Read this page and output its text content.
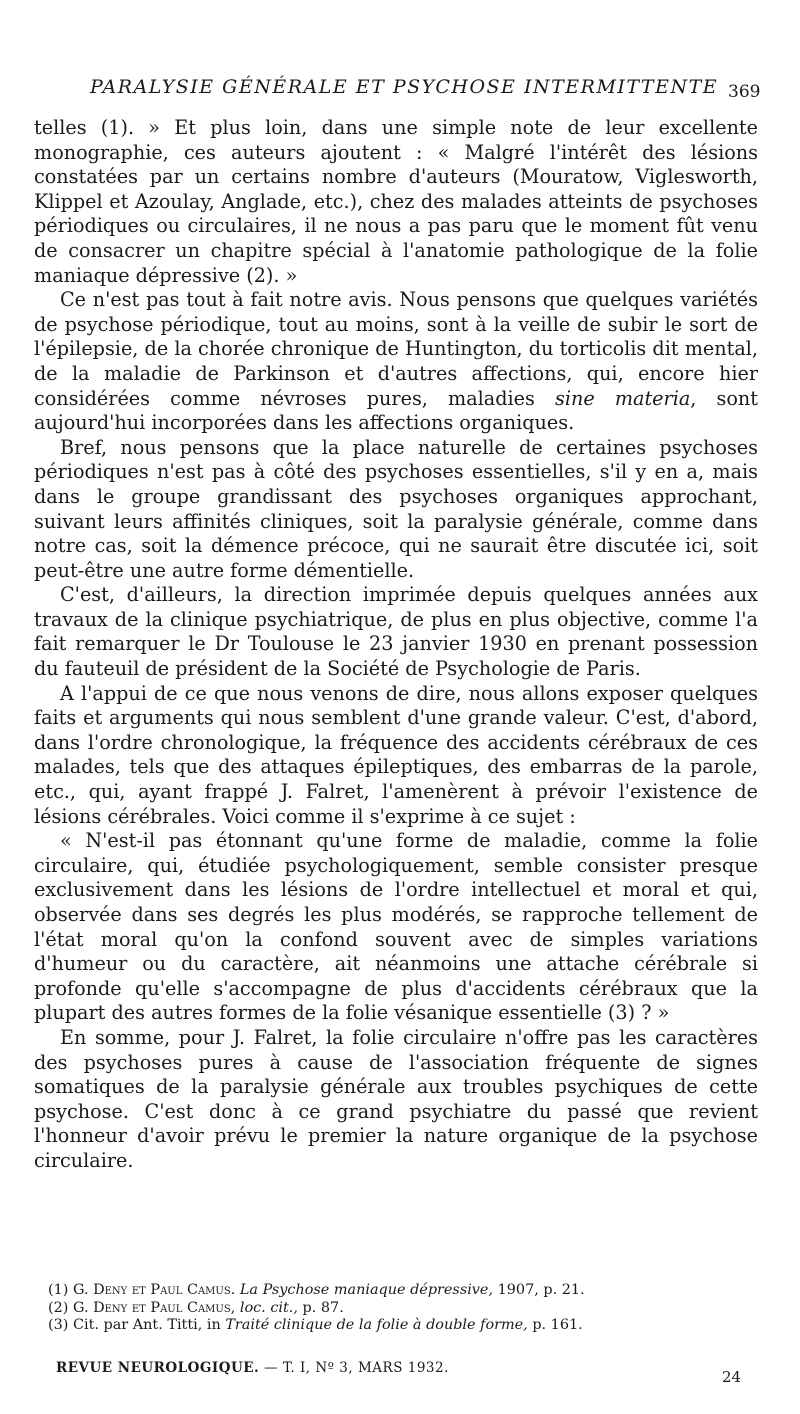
PARALYSIE GÉNÉRALE ET PSYCHOSE INTERMITTENTE 369

telles (1). » Et plus loin, dans une simple note de leur excellente monographie, ces auteurs ajoutent : « Malgré l'intérêt des lésions constatées par un certains nombre d'auteurs (Mouratow, Viglesworth, Klippel et Azoulay, Anglade, etc.), chez des malades atteints de psychoses périodiques ou circulaires, il ne nous a pas paru que le moment fût venu de consacrer un chapitre spécial à l'anatomie pathologique de la folie maniaque dépressive (2). »

Ce n'est pas tout à fait notre avis. Nous pensons que quelques variétés de psychose périodique, tout au moins, sont à la veille de subir le sort de l'épilepsie, de la chorée chronique de Huntington, du torticolis dit mental, de la maladie de Parkinson et d'autres affections, qui, encore hier considérées comme névroses pures, maladies sine materia, sont aujourd'hui incorporées dans les affections organiques.

Bref, nous pensons que la place naturelle de certaines psychoses périodiques n'est pas à côté des psychoses essentielles, s'il y en a, mais dans le groupe grandissant des psychoses organiques approchant, suivant leurs affinités cliniques, soit la paralysie générale, comme dans notre cas, soit la démence précoce, qui ne saurait être discutée ici, soit peut-être une autre forme démentielle.

C'est, d'ailleurs, la direction imprimée depuis quelques années aux travaux de la clinique psychiatrique, de plus en plus objective, comme l'a fait remarquer le Dr Toulouse le 23 janvier 1930 en prenant possession du fauteuil de président de la Société de Psychologie de Paris.

A l'appui de ce que nous venons de dire, nous allons exposer quelques faits et arguments qui nous semblent d'une grande valeur. C'est, d'abord, dans l'ordre chronologique, la fréquence des accidents cérébraux de ces malades, tels que des attaques épileptiques, des embarras de la parole, etc., qui, ayant frappé J. Falret, l'amenèrent à prévoir l'existence de lésions cérébrales. Voici comme il s'exprime à ce sujet :

« N'est-il pas étonnant qu'une forme de maladie, comme la folie circulaire, qui, étudiée psychologiquement, semble consister presque exclusivement dans les lésions de l'ordre intellectuel et moral et qui, observée dans ses degrés les plus modérés, se rapproche tellement de l'état moral qu'on la confond souvent avec de simples variations d'humeur ou du caractère, ait néanmoins une attache cérébrale si profonde qu'elle s'accompagne de plus d'accidents cérébraux que la plupart des autres formes de la folie vésanique essentielle (3) ? »

En somme, pour J. Falret, la folie circulaire n'offre pas les caractères des psychoses pures à cause de l'association fréquente de signes somatiques de la paralysie générale aux troubles psychiques de cette psychose. C'est donc à ce grand psychiatre du passé que revient l'honneur d'avoir prévu le premier la nature organique de la psychose circulaire.

(1) G. Deny et Paul Camus. La Psychose maniaque dépressive, 1907, p. 21.
(2) G. Deny et Paul Camus, loc. cit., p. 87.
(3) Cit. par Ant. Titti, in Traité clinique de la folie à double forme, p. 161.
REVUE NEUROLOGIQUE. — T. I, Nº 3, MARS 1932.	24
